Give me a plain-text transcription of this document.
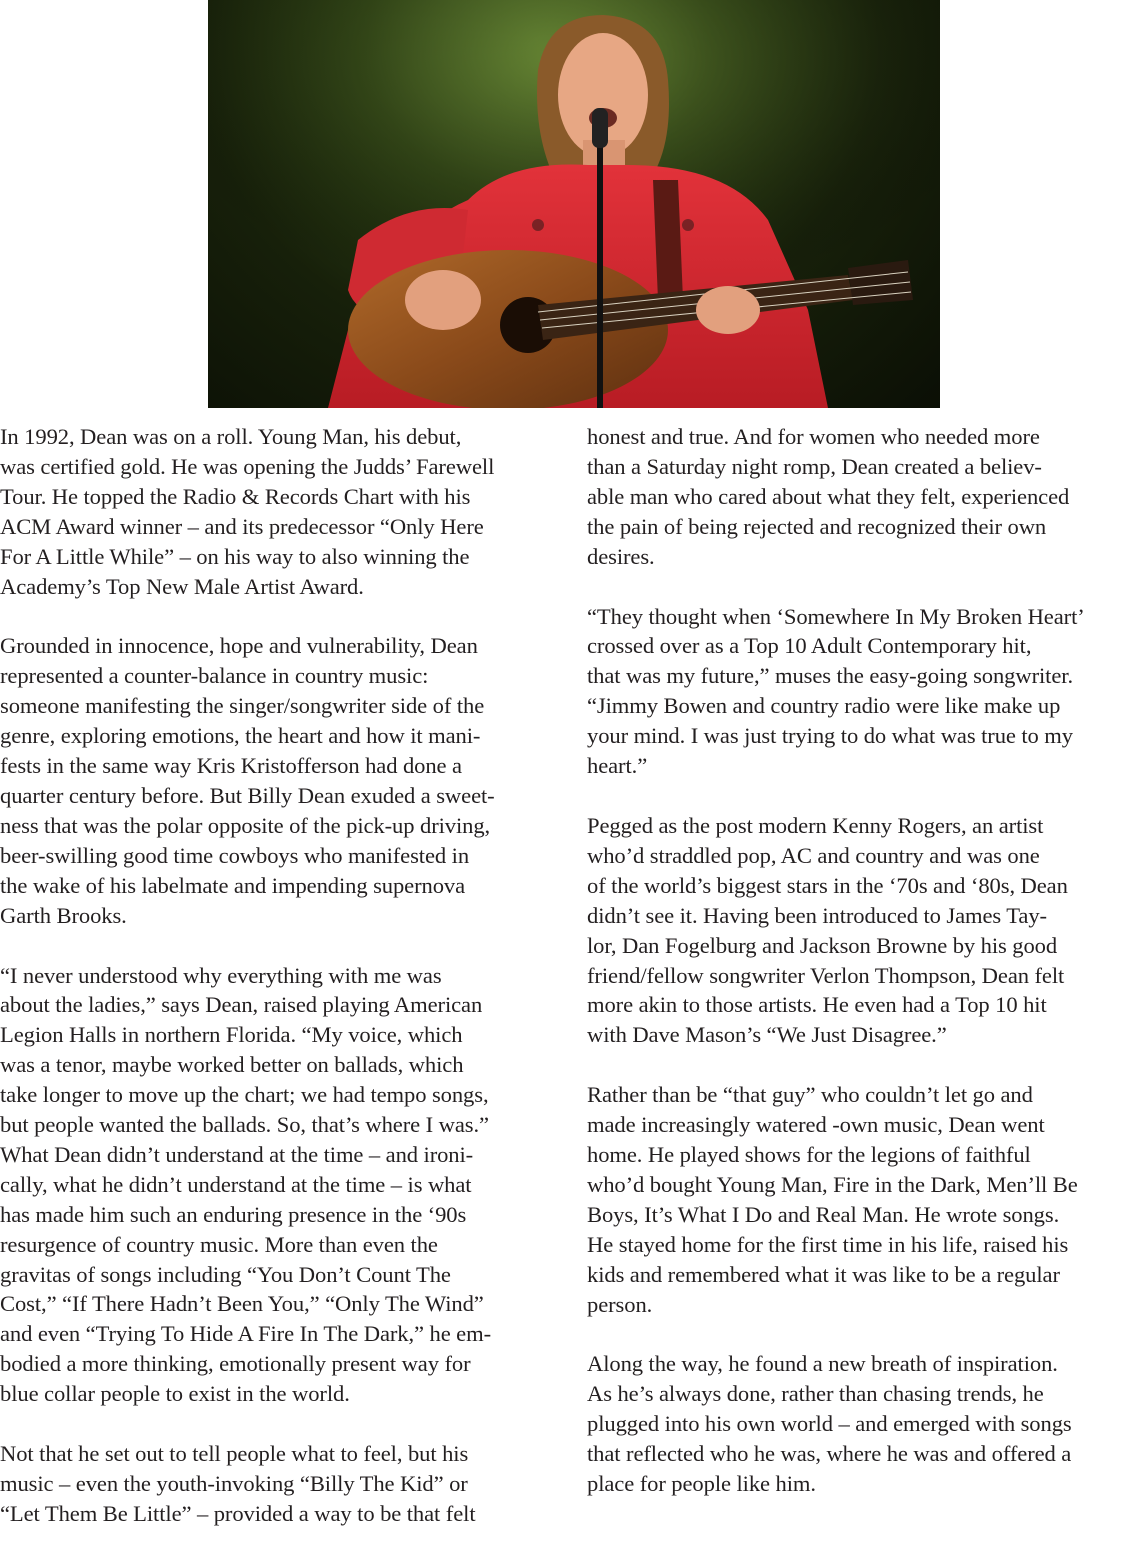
In 1992, Dean was on a roll. Young Man, his debut,
was certified gold. He was opening the Judds’ Farewell
Tour. He topped the Radio & Records Chart with his
ACM Award winner – and its predecessor “Only Here
For A Little While” – on his way to also winning the
Academy’s Top New Male Artist Award.

Grounded in innocence, hope and vulnerability, Dean
represented a counter-balance in country music:
someone manifesting the singer/songwriter side of the
genre, exploring emotions, the heart and how it mani-
fests in the same way Kris Kristofferson had done a
quarter century before. But Billy Dean exuded a sweet-
ness that was the polar opposite of the pick-up driving,
beer-swilling good time cowboys who manifested in
the wake of his labelmate and impending supernova
Garth Brooks.

“I never understood why everything with me was
about the ladies,” says Dean, raised playing American
Legion Halls in northern Florida. “My voice, which
was a tenor, maybe worked better on ballads, which
take longer to move up the chart; we had tempo songs,
but people wanted the ballads. So, that’s where I was.”
What Dean didn’t understand at the time – and ironi-
cally, what he didn’t understand at the time – is what
has made him such an enduring presence in the ‘90s
resurgence of country music. More than even the
gravitas of songs including “You Don’t Count The
Cost,” “If There Hadn’t Been You,” “Only The Wind”
and even “Trying To Hide A Fire In The Dark,” he em-
bodied a more thinking, emotionally present way for
blue collar people to exist in the world.

Not that he set out to tell people what to feel, but his
music – even the youth-invoking “Billy The Kid” or
“Let Them Be Little” – provided a way to be that felt

honest and true. And for women who needed more
than a Saturday night romp, Dean created a believ-
able man who cared about what they felt, experienced
the pain of being rejected and recognized their own
desires.

“They thought when ‘Somewhere In My Broken Heart’
crossed over as a Top 10 Adult Contemporary hit,
that was my future,” muses the easy-going songwriter.
“Jimmy Bowen and country radio were like make up
your mind. I was just trying to do what was true to my
heart.”

Pegged as the post modern Kenny Rogers, an artist
who’d straddled pop, AC and country and was one
of the world’s biggest stars in the ‘70s and ‘80s, Dean
didn’t see it. Having been introduced to James Tay-
lor, Dan Fogelburg and Jackson Browne by his good
friend/fellow songwriter Verlon Thompson, Dean felt
more akin to those artists. He even had a Top 10 hit
with Dave Mason’s “We Just Disagree.”

Rather than be “that guy” who couldn’t let go and
made increasingly watered -own music, Dean went
home. He played shows for the legions of faithful
who’d bought Young Man, Fire in the Dark, Men’ll Be
Boys, It’s What I Do and Real Man. He wrote songs.
He stayed home for the first time in his life, raised his
kids and remembered what it was like to be a regular
person.

Along the way, he found a new breath of inspiration.
As he’s always done, rather than chasing trends, he
plugged into his own world – and emerged with songs
that reflected who he was, where he was and offered a
place for people like him.
